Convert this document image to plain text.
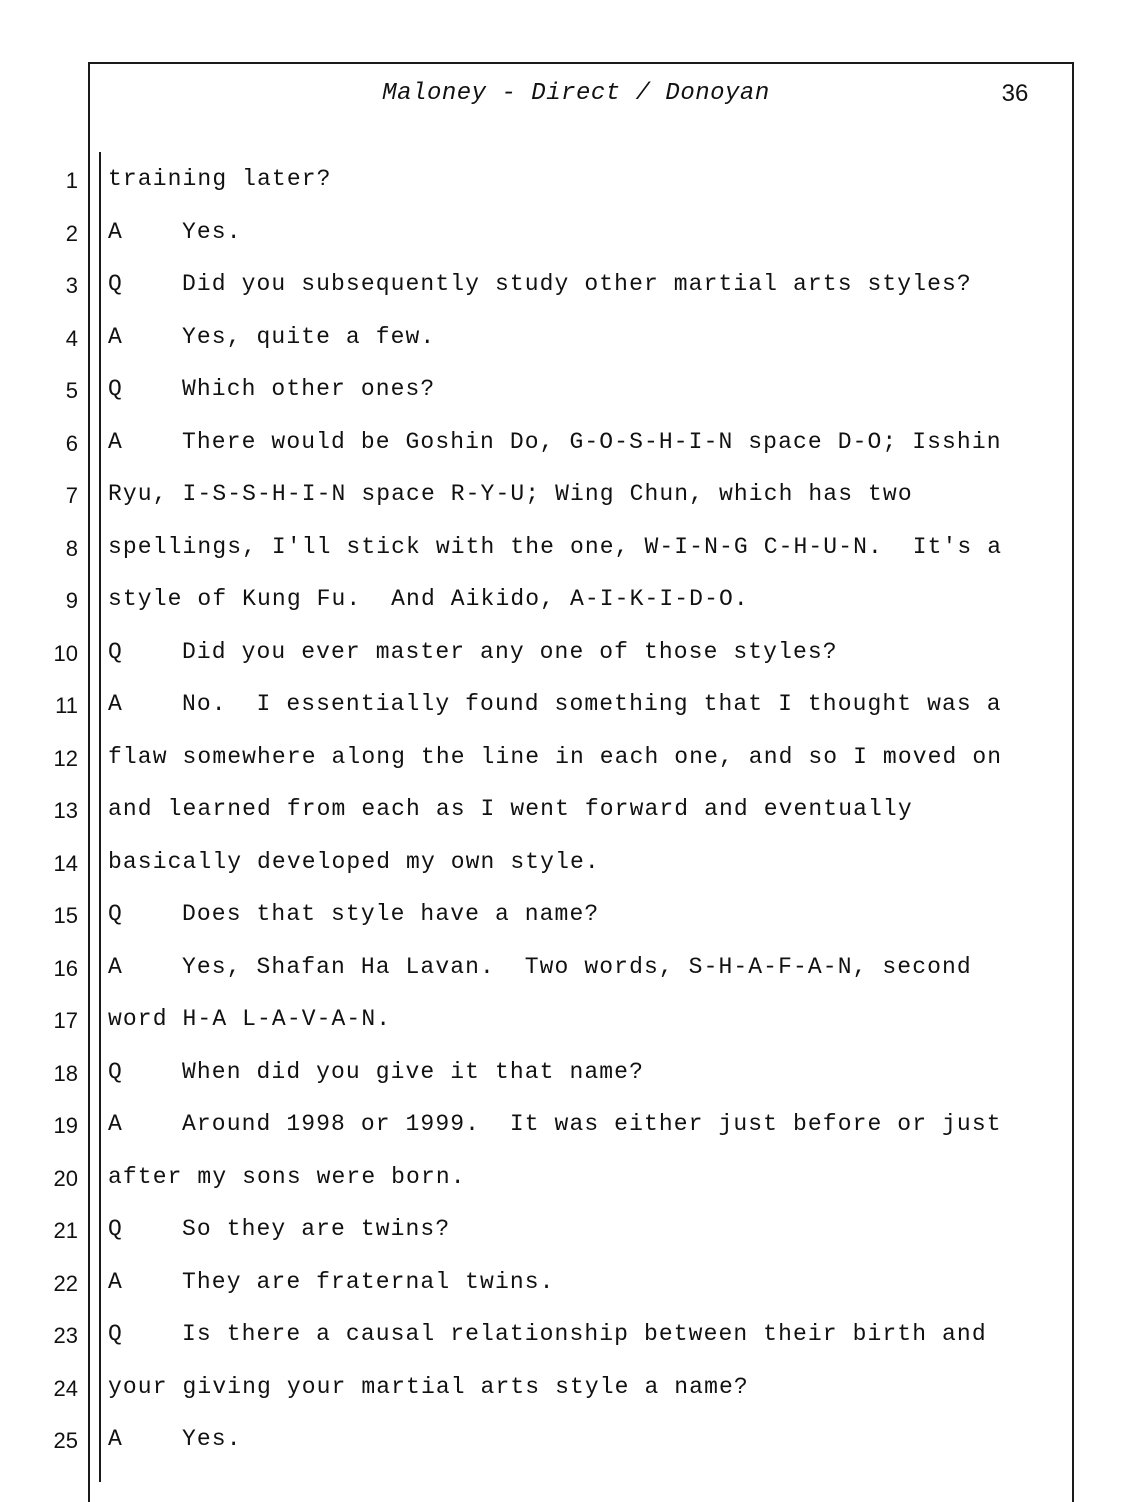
Maloney - Direct / Donoyan	36
1 training later?
2 A	Yes.
3 Q	Did you subsequently study other martial arts styles?
4 A	Yes, quite a few.
5 Q	Which other ones?
6 A	There would be Goshin Do, G-O-S-H-I-N space D-O; Isshin
7 Ryu, I-S-S-H-I-N space R-Y-U; Wing Chun, which has two
8 spellings, I'll stick with the one, W-I-N-G C-H-U-N.  It's a
9 style of Kung Fu.  And Aikido, A-I-K-I-D-O.
10 Q	Did you ever master any one of those styles?
11 A	No.  I essentially found something that I thought was a
12 flaw somewhere along the line in each one, and so I moved on
13 and learned from each as I went forward and eventually
14 basically developed my own style.
15 Q	Does that style have a name?
16 A	Yes, Shafan Ha Lavan.  Two words, S-H-A-F-A-N, second
17 word H-A L-A-V-A-N.
18 Q	When did you give it that name?
19 A	Around 1998 or 1999.  It was either just before or just
20 after my sons were born.
21 Q	So they are twins?
22 A	They are fraternal twins.
23 Q	Is there a causal relationship between their birth and
24 your giving your martial arts style a name?
25 A	Yes.
